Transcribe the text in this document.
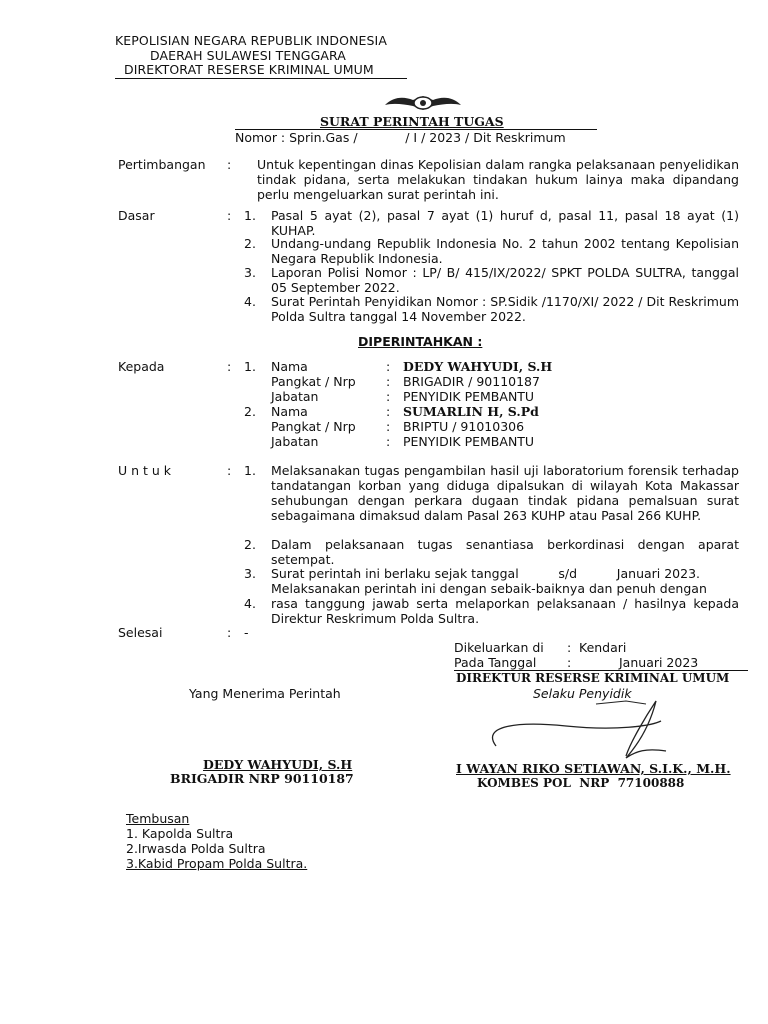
KEPOLISIAN NEGARA REPUBLIK INDONESIA
DAERAH SULAWESI TENGGARA
DIREKTORAT RESERSE KRIMINAL UMUM
SURAT PERINTAH TUGAS
Nomor : Sprin.Gas /            / I / 2023 / Dit Reskrimum
Pertimbangan : Untuk kepentingan dinas Kepolisian dalam rangka pelaksanaan penyelidikan tindak pidana, serta melakukan tindakan hukum lainya maka dipandang perlu mengeluarkan surat perintah ini.
Dasar	: 1. Pasal 5 ayat (2), pasal 7 ayat (1) huruf d, pasal 11, pasal 18 ayat (1) KUHAP.
2. Undang-undang Republik Indonesia No. 2 tahun 2002 tentang Kepolisian Negara Republik Indonesia.
3. Laporan Polisi Nomor : LP/ B/ 415/IX/2022/ SPKT POLDA SULTRA, tanggal 05 September 2022.
4. Surat Perintah Penyidikan Nomor : SP.Sidik /1170/XI/ 2022 / Dit Reskrimum Polda Sultra tanggal 14 November 2022.
DIPERINTAHKAN :
Kepada	: 1. Nama	: DEDY WAHYUDI, S.H
Pangkat / Nrp : BRIGADIR / 90110187
Jabatan	: PENYIDIK PEMBANTU
2. Nama	: SUMARLIN H, S.Pd
Pangkat / Nrp : BRIPTU / 91010306
Jabatan	: PENYIDIK PEMBANTU
U n t u k	: 1. Melaksanakan tugas pengambilan hasil uji laboratorium forensik terhadap tandatangan korban yang diduga dipalsukan di wilayah Kota Makassar sehubungan dengan perkara dugaan tindak pidana pemalsuan surat sebagaimana dimaksud dalam Pasal 263 KUHP atau Pasal 266 KUHP.
2. Dalam pelaksanaan tugas senantiasa berkordinasi dengan aparat setempat.
3. Surat perintah ini berlaku sejak tanggal          s/d          Januari 2023.
Melaksanakan perintah ini dengan sebaik-baiknya dan penuh dengan
4. rasa tanggung jawab serta melaporkan pelaksanaan / hasilnya kepada Direktur Reskrimum Polda Sultra.
Selesai	: -
Dikeluarkan di : Kendari
Pada Tanggal :	Januari 2023
DIREKTUR RESERSE KRIMINAL UMUM
Selaku Penyidik
I WAYAN RIKO SETIAWAN, S.I.K., M.H.
KOMBES POL  NRP  77100888
Yang Menerima Perintah
DEDY WAHYUDI, S.H
BRIGADIR NRP 90110187
Tembusan
1. Kapolda Sultra
2.Irwasda Polda Sultra
3.Kabid Propam Polda Sultra.
